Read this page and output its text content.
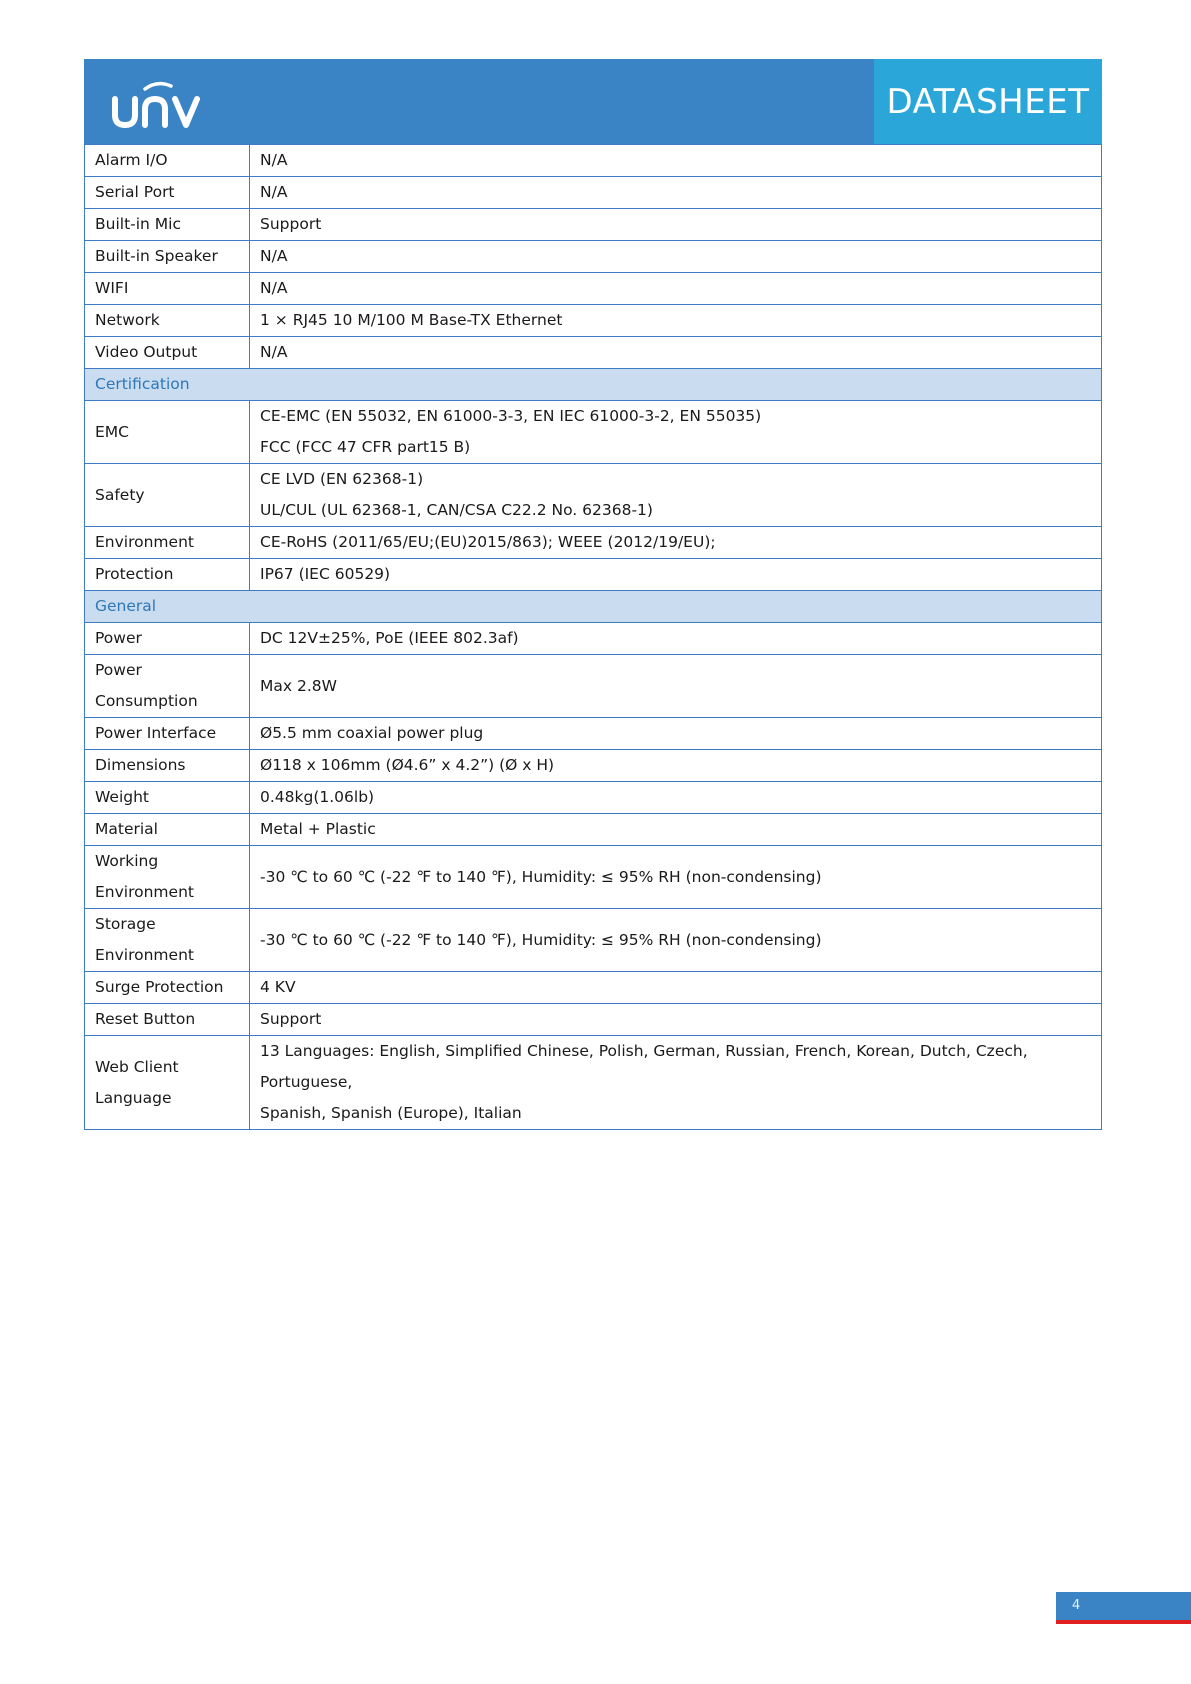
DATASHEET
Alarm I/O	N/A

Serial Port	N/A

Built-in Mic	Support

Built-in Speaker	N/A

WIFI	N/A

Network	1 × RJ45 10 M/100 M Base-TX Ethernet

Video Output	N/A

Certification	

EMC	CE-EMC (EN 55032, EN 61000-3-3, EN IEC 61000-3-2, EN 55035)
FCC (FCC 47 CFR part15 B)

Safety	CE LVD (EN 62368-1)
UL/CUL (UL 62368-1, CAN/CSA C22.2 No. 62368-1)

Environment	CE-RoHS (2011/65/EU;(EU)2015/863); WEEE (2012/19/EU);

Protection	IP67 (IEC 60529)

General	

Power	DC 12V±25%, PoE (IEEE 802.3af)

Power
Consumption	Max 2.8W

Power Interface	Ø5.5 mm coaxial power plug

Dimensions	Ø118 x 106mm (Ø4.6” x 4.2”) (Ø x H)

Weight	0.48kg(1.06lb)

Material	Metal + Plastic

Working
Environment	-30 ℃ to 60 ℃ (-22 ℉ to 140 ℉), Humidity: ≤ 95% RH (non-condensing)

Storage
Environment	-30 ℃ to 60 ℃ (-22 ℉ to 140 ℉), Humidity: ≤ 95% RH (non-condensing)

Surge Protection	4 KV

Reset Button	Support

Web Client
Language	13 Languages: English, Simplified Chinese, Polish, German, Russian, French, Korean, Dutch, Czech, Portuguese,
Spanish, Spanish (Europe), Italian
4
